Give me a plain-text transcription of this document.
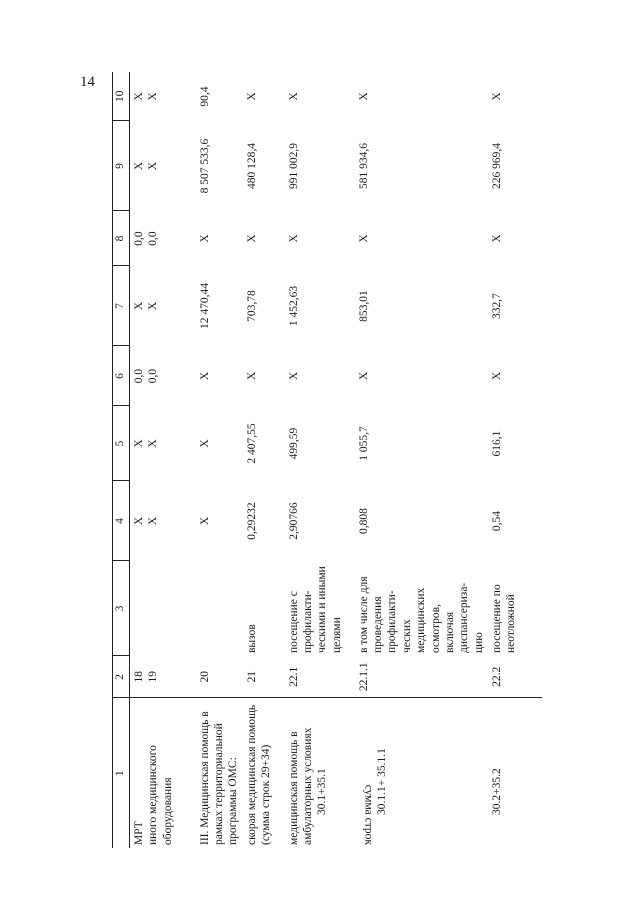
14
1	2	3	4	5	6	7	8	9	10

МРТ иного медицинского оборудования	18 19		Х Х	Х Х	0,0 0,0	Х Х	0,0 0,0	Х Х	Х Х

III. Медицинская помощь в рамках территориальной программы ОМС:	20		Х	Х	Х	12 470,44	Х	8 507 533,6	90,4

скорая медицинская помощь (сумма строк 29+34)	21	вызов	0,29232	2 407,55	Х	703,78	Х	480 128,4	Х

медицинская помощь в амбулаторных условиях 30.1+35.1	22.1	посещение с профилакти-ческими и иными целями	2,90766	499,59	Х	1 452,63	Х	991 002,9	Х

сумма строк 30.1.1+ 35.1.1	22.1.1	в том числе для проведения профилакти-ческих медицинских осмотров, включая диспансериза-цию	0,808	1 055,7	Х	853,01	Х	581 934,6	Х

30.2+35.2	22.2	посещение по неотложной	0,54	616,1	Х	332,7	Х	226 969,4	Х
